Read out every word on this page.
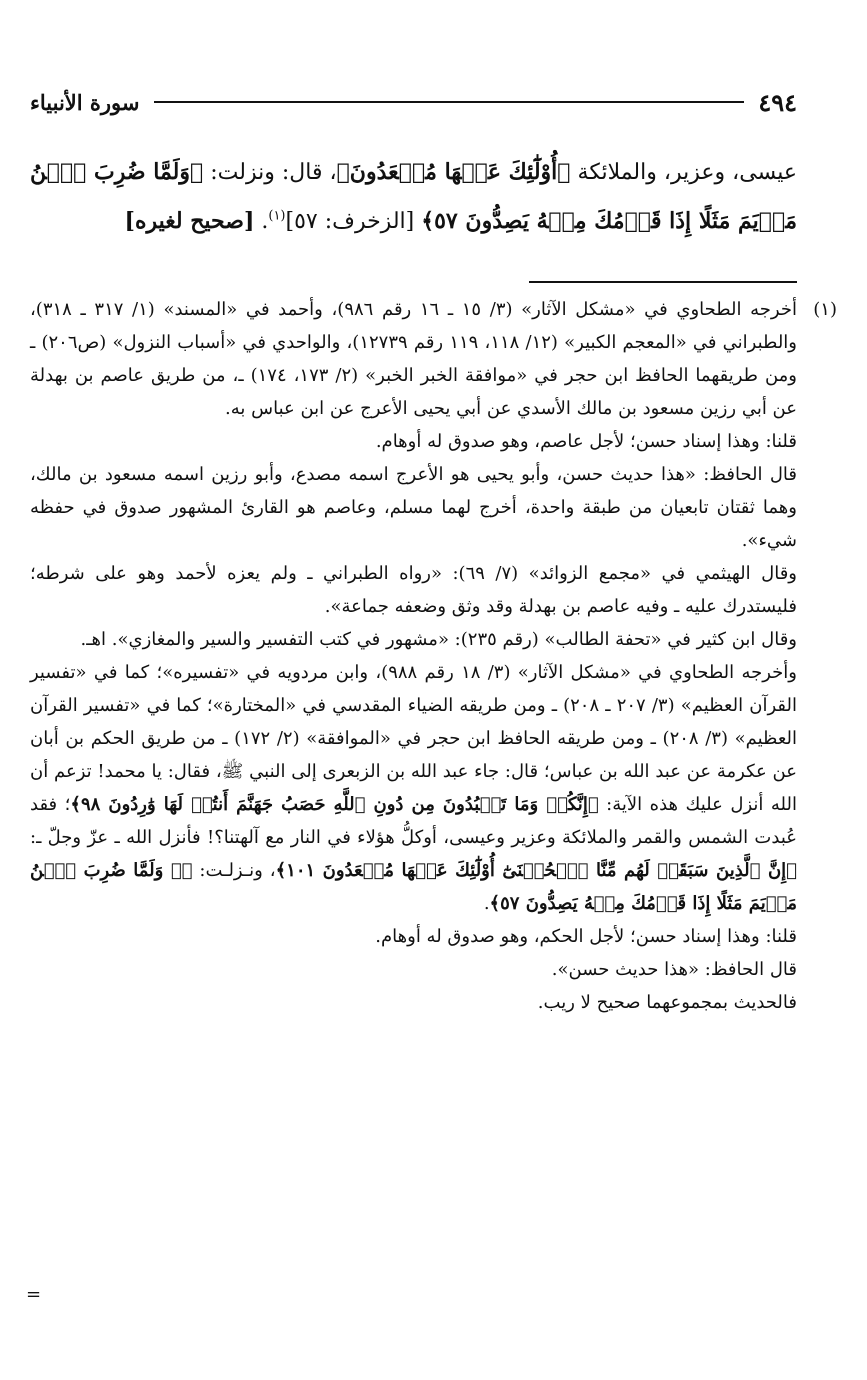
سورة الأنبياء	٤٩٤

عيسى، وعزير، والملائكة ﴿أُوْلَٰٓئِكَ عَنۡهَا مُبۡعَدُونَ﴾، قال: ونزلت: ﴿وَلَمَّا ضُرِبَ ٱبۡنُ مَرۡيَمَ مَثَلًا إِذَا قَوۡمُكَ مِنۡهُ يَصِدُّونَ ٥٧﴾ [الزخرف: ٥٧]$^{(١)}$. [صحيح لغيره]

(١)
أخرجه الطحاوي في «مشكل الآثار» (٣/ ١٥ ـ ١٦ رقم ٩٨٦)، وأحمد في «المسند» (١/ ٣١٧ ـ ٣١٨)، والطبراني في «المعجم الكبير» (١٢/ ١١٨، ١١٩ رقم ١٢٧٣٩)، والواحدي في «أسباب النزول» (ص٢٠٦) ـ ومن طريقهما الحافظ ابن حجر في «موافقة الخبر الخبر» (٢/ ١٧٣، ١٧٤) ـ، من طريق عاصم بن بهدلة عن أبي رزين مسعود بن مالك الأسدي عن أبي يحيى الأعرج عن ابن عباس به.

قلنا: وهذا إسناد حسن؛ لأجل عاصم، وهو صدوق له أوهام.

قال الحافظ: «هذا حديث حسن، وأبو يحيى هو الأعرج اسمه مصدع، وأبو رزين اسمه مسعود بن مالك، وهما ثقتان تابعيان من طبقة واحدة، أخرج لهما مسلم، وعاصم هو القارئ المشهور صدوق في حفظه شيء».

وقال الهيثمي في «مجمع الزوائد» (٧/ ٦٩): «رواه الطبراني ـ ولم يعزه لأحمد وهو على شرطه؛ فليستدرك عليه ـ وفيه عاصم بن بهدلة وقد وثق وضعفه جماعة».

وقال ابن كثير في «تحفة الطالب» (رقم ٢٣٥): «مشهور في كتب التفسير والسير والمغازي». اهـ.

وأخرجه الطحاوي في «مشكل الآثار» (٣/ ١٨ رقم ٩٨٨)، وابن مردويه في «تفسيره»؛ كما في «تفسير القرآن العظيم» (٣/ ٢٠٧ ـ ٢٠٨) ـ ومن طريقه الضياء المقدسي في «المختارة»؛ كما في «تفسير القرآن العظيم» (٣/ ٢٠٨) ـ ومن طريقه الحافظ ابن حجر في «الموافقة» (٢/ ١٧٢) ـ من طريق الحكم بن أبان عن عكرمة عن عبد الله بن عباس؛ قال: جاء عبد الله بن الزبعرى إلى النبي ﷺ، فقال: يا محمد! تزعم أن الله أنزل عليك هذه الآية: ﴿إِنَّكُمۡ وَمَا تَعۡبُدُونَ مِن دُونِ ٱللَّهِ حَصَبُ جَهَنَّمَ أَنتُمۡ لَهَا وَٰرِدُونَ ٩٨﴾؛ فقد عُبدت الشمس والقمر والملائكة وعزير وعيسى، أوكلُّ هؤلاء في النار مع آلهتنا؟! فأنزل الله ـ عزّ وجلّ ـ: ﴿إِنَّ ٱلَّذِينَ سَبَقَتۡ لَهُم مِّنَّا ٱلۡحُسۡنَىٰٓ أُوْلَٰٓئِكَ عَنۡهَا مُبۡعَدُونَ ١٠١﴾، ونـزلـت: ﴿۞ وَلَمَّا ضُرِبَ ٱبۡنُ مَرۡيَمَ مَثَلًا إِذَا قَوۡمُكَ مِنۡهُ يَصِدُّونَ ٥٧﴾.

قلنا: وهذا إسناد حسن؛ لأجل الحكم، وهو صدوق له أوهام.

قال الحافظ: «هذا حديث حسن».

فالحديث بمجموعهما صحيح لا ريب.

=
